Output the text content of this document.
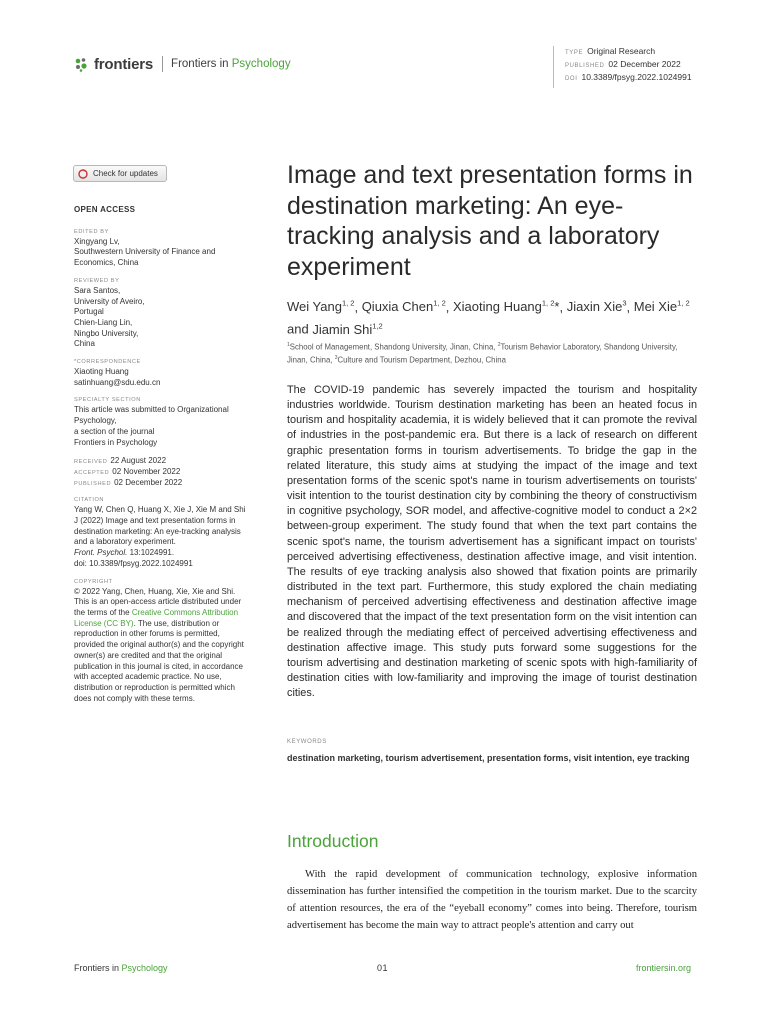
frontiers Frontiers in Psychology
TYPE Original Research
PUBLISHED 02 December 2022
DOI 10.3389/fpsyg.2022.1024991
Check for updates
OPEN ACCESS
EDITED BY
Xingyang Lv,
Southwestern University of Finance and Economics, China
REVIEWED BY
Sara Santos,
University of Aveiro,
Portugal
Chien-Liang Lin,
Ningbo University,
China
*CORRESPONDENCE
Xiaoting Huang
satinhuang@sdu.edu.cn
SPECIALTY SECTION
This article was submitted to Organizational Psychology,
a section of the journal
Frontiers in Psychology
RECEIVED 22 August 2022
ACCEPTED 02 November 2022
PUBLISHED 02 December 2022
CITATION
Yang W, Chen Q, Huang X, Xie J, Xie M and Shi J (2022) Image and text presentation forms in destination marketing: An eye-tracking analysis and a laboratory experiment.
Front. Psychol. 13:1024991.
doi: 10.3389/fpsyg.2022.1024991
COPYRIGHT
© 2022 Yang, Chen, Huang, Xie, Xie and Shi. This is an open-access article distributed under the terms of the Creative Commons Attribution License (CC BY). The use, distribution or reproduction in other forums is permitted, provided the original author(s) and the copyright owner(s) are credited and that the original publication in this journal is cited, in accordance with accepted academic practice. No use, distribution or reproduction is permitted which does not comply with these terms.
Image and text presentation forms in destination marketing: An eye-tracking analysis and a laboratory experiment
Wei Yang$^{1, 2}$, Qiuxia Chen$^{1, 2}$, Xiaoting Huang$^{1, 2}$*, Jiaxin Xie$^3$, Mei Xie$^{1, 2}$ and Jiamin Shi$^{1,2}$
$^1$School of Management, Shandong University, Jinan, China, $^2$Tourism Behavior Laboratory, Shandong University, Jinan, China, $^3$Culture and Tourism Department, Dezhou, China
The COVID-19 pandemic has severely impacted the tourism and hospitality industries worldwide. Tourism destination marketing has been an heated focus in tourism and hospitality academia, it is widely believed that it can promote the revival of industries in the post-pandemic era. But there is a lack of research on different graphic presentation forms in tourism advertisements. To bridge the gap in the related literature, this study aims at studying the impact of the image and text presentation forms of the scenic spot's name in tourism advertisements on tourists' visit intention to the tourist destination city by combining the theory of constructivism in cognitive psychology, SOR model, and affective-cognitive model to conduct a 2×2 between-group experiment. The study found that when the text part contains the scenic spot's name, the tourism advertisement has a significant impact on tourists' perceived advertising effectiveness, destination affective image, and visit intention. The results of eye tracking analysis also showed that fixation points are primarily distributed in the text part. Furthermore, this study explored the chain mediating mechanism of perceived advertising effectiveness and destination affective image and discovered that the impact of the text presentation form on the visit intention can be realized through the mediating effect of perceived advertising effectiveness and destination affective image. This study puts forward some suggestions for the tourism advertising and destination marketing of scenic spots with high-familiarity of destination cities with low-familiarity and improving the image of tourist destination cities.
KEYWORDS
destination marketing, tourism advertisement, presentation forms, visit intention, eye tracking
Introduction
With the rapid development of communication technology, explosive information dissemination has further intensified the competition in the tourism market. Due to the scarcity of attention resources, the era of the “eyeball economy” comes into being. Therefore, tourism advertisement has become the main way to attract people's attention and carry out
Frontiers in Psychology	01	frontiersin.org
